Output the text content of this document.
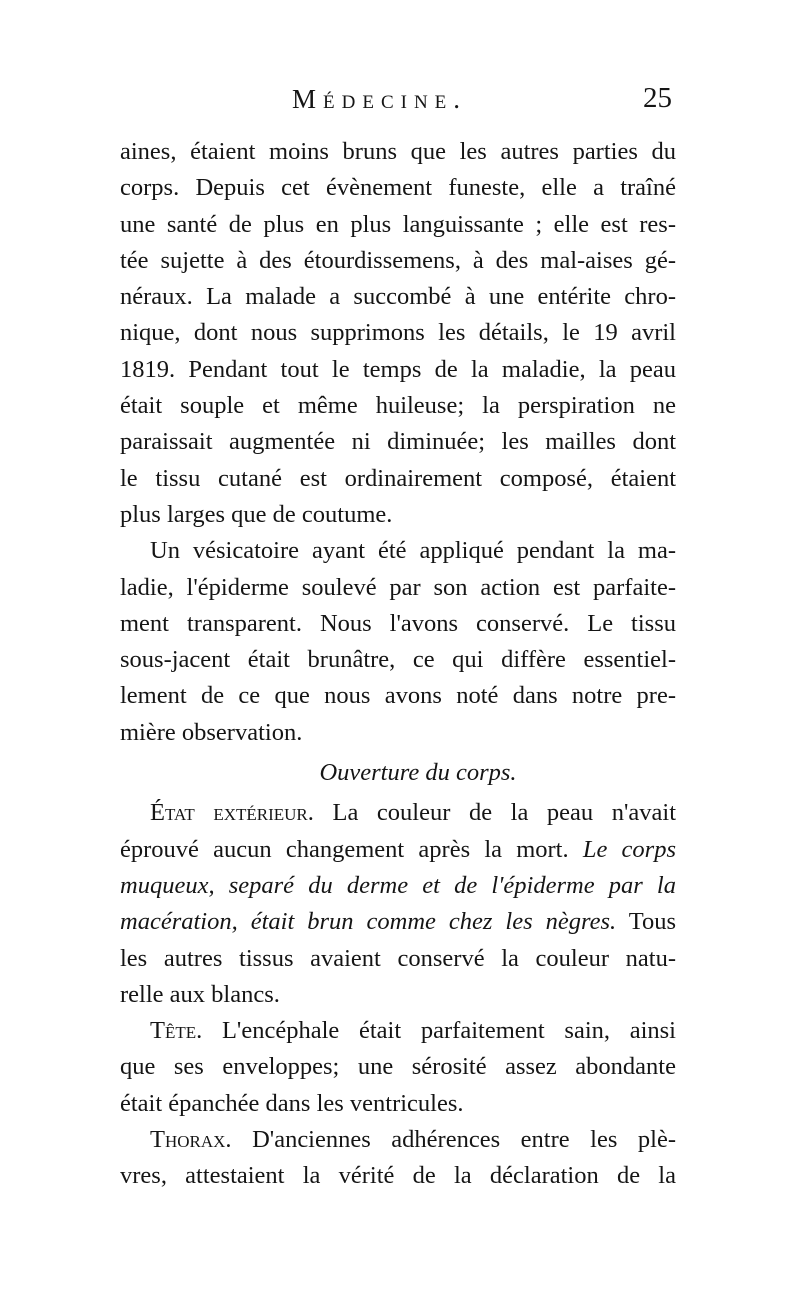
Médecine.	25
aines, étaient moins bruns que les autres parties du
corps. Depuis cet évènement funeste, elle a traîné
une santé de plus en plus languissante ; elle est res-
tée sujette à des étourdissemens, à des mal-aises gé-
néraux. La malade a succombé à une entérite chro-
nique, dont nous supprimons les détails, le 19 avril
1819. Pendant tout le temps de la maladie, la peau
était souple et même huileuse; la perspiration ne
paraissait augmentée ni diminuée; les mailles dont
le tissu cutané est ordinairement composé, étaient
plus larges que de coutume.
Un vésicatoire ayant été appliqué pendant la ma-
ladie, l'épiderme soulevé par son action est parfaite-
ment transparent. Nous l'avons conservé. Le tissu
sous-jacent était brunâtre, ce qui diffère essentiel-
lement de ce que nous avons noté dans notre pre-
mière observation.
Ouverture du corps.
État extérieur. La couleur de la peau n'avait
éprouvé aucun changement après la mort. Le corps
muqueux, separé du derme et de l'épiderme par la
macération, était brun comme chez les nègres. Tous
les autres tissus avaient conservé la couleur natu-
relle aux blancs.
Tête. L'encéphale était parfaitement sain, ainsi
que ses enveloppes; une sérosité assez abondante
était épanchée dans les ventricules.
Thorax. D'anciennes adhérences entre les plè-
vres, attestaient la vérité de la déclaration de la
